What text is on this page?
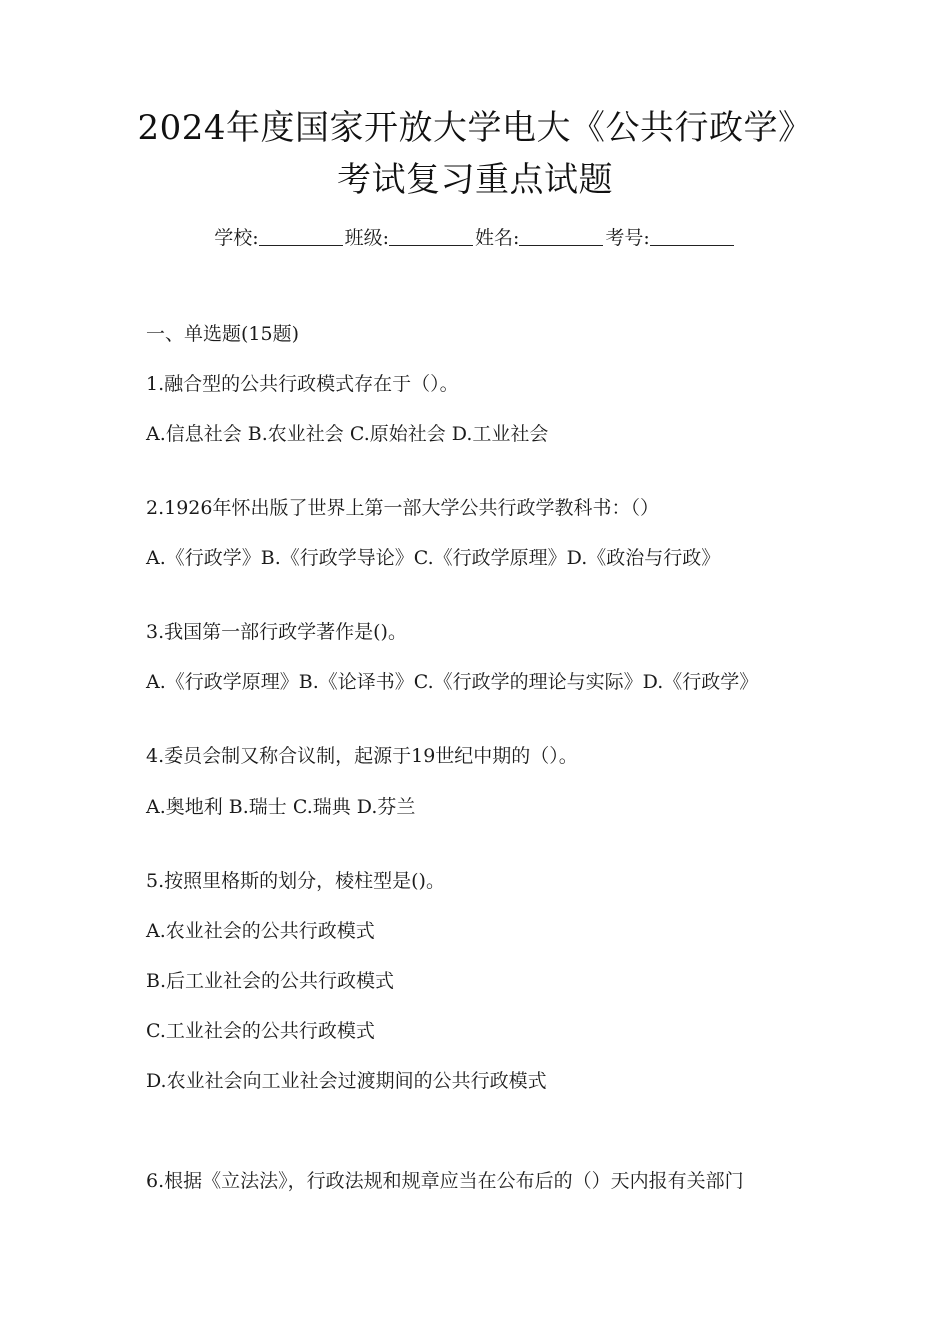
2024年度国家开放大学电大《公共行政学》
考试复习重点试题
学校:	班级:	姓名:	考号:
一、单选题(15题)
1.融合型的公共行政模式存在于（）。
A.信息社会 B.农业社会 C.原始社会 D.工业社会
2.1926年怀出版了世界上第一部大学公共行政学教科书：（）
A.《行政学》B.《行政学导论》C.《行政学原理》D.《政治与行政》
3.我国第一部行政学著作是()。
A.《行政学原理》B.《论译书》C.《行政学的理论与实际》D.《行政学》
4.委员会制又称合议制，起源于19世纪中期的（）。
A.奥地利 B.瑞士 C.瑞典 D.芬兰
5.按照里格斯的划分，棱柱型是()。
A.农业社会的公共行政模式
B.后工业社会的公共行政模式
C.工业社会的公共行政模式
D.农业社会向工业社会过渡期间的公共行政模式
6.根据《立法法》，行政法规和规章应当在公布后的（）天内报有关部门
